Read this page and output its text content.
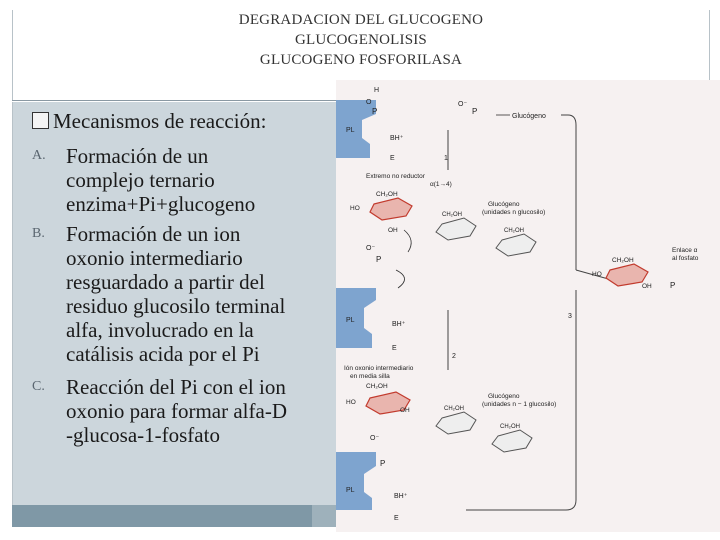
DEGRADACION DEL GLUCOGENO
GLUCOGENOLISIS
GLUCOGENO FOSFORILASA
Mecanismos de reacción:
A. Formación de un
complejo ternario
enzima+Pi+glucogeno
B. Formación de un ion
oxonio intermediario
resguardado a partir del
residuo glucosilo terminal
alfa, involucrado en la
catálisis acida por el Pi
C. Reacción del Pi con el ion
oxonio para formar alfa-D
-glucosa-1-fosfato
PL
BH⁺
E
PL
BH⁺
E
PL
BH⁺
E
H
O
P
O⁻
P
Glucógeno
1
2
3
Extremo no reductor
α(1→4)
Glucógeno
(unidades n glucosilo)
CH₂OH
HO
OH
CH₂OH
CH₂OH
O⁻
P
Ión oxonio intermediario
en media silla
CH₂OH
HO
OH
Glucógeno
(unidades n − 1 glucosilo)
CH₂OH
CH₂OH
O⁻
P
CH₂OH
HO
OH P
Enlace α
al fosfato
